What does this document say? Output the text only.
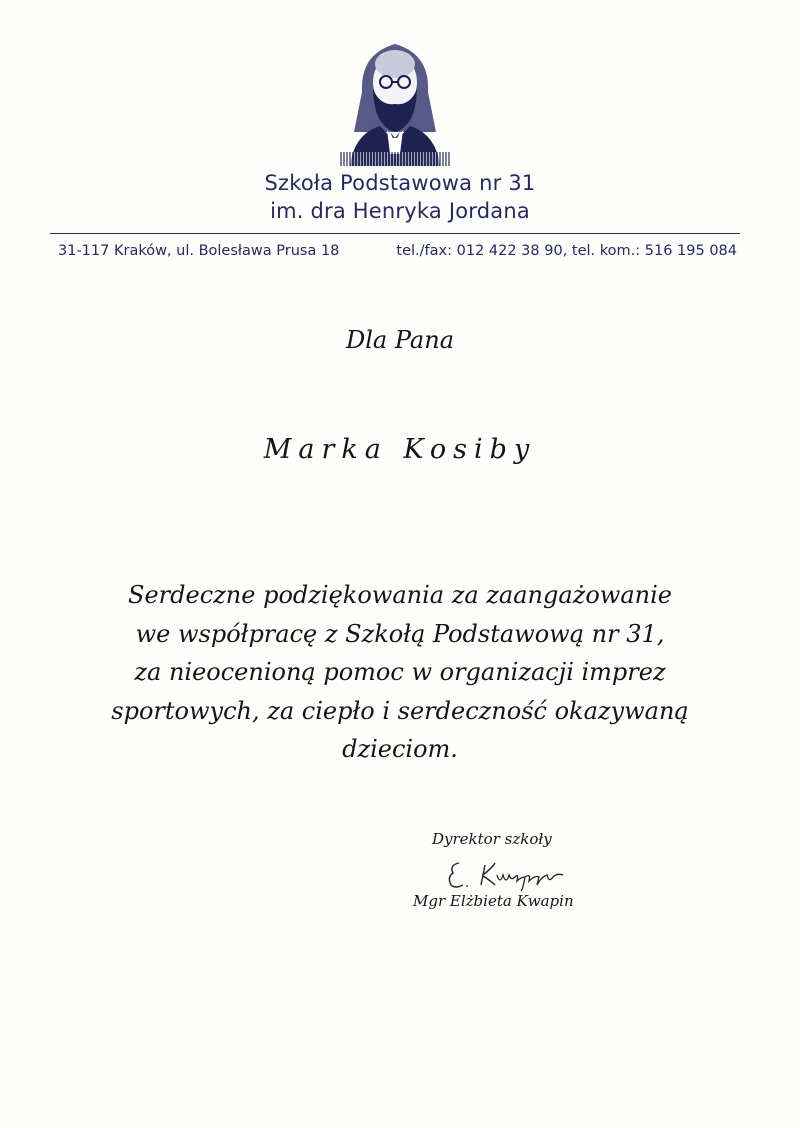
Szkoła Podstawowa nr 31
im. dra Henryka Jordana
31-117 Kraków, ul. Bolesława Prusa 18	tel./fax: 012 422 38 90, tel. kom.: 516 195 084
Dla Pana
Marka Kosiby
Serdeczne podziękowania za zaangażowanie
we współpracę z Szkołą Podstawową nr 31,
za nieocenioną pomoc w organizacji imprez
sportowych, za ciepło i serdeczność okazywaną
dzieciom.
Dyrektor szkoły
Mgr Elżbieta Kwapin
